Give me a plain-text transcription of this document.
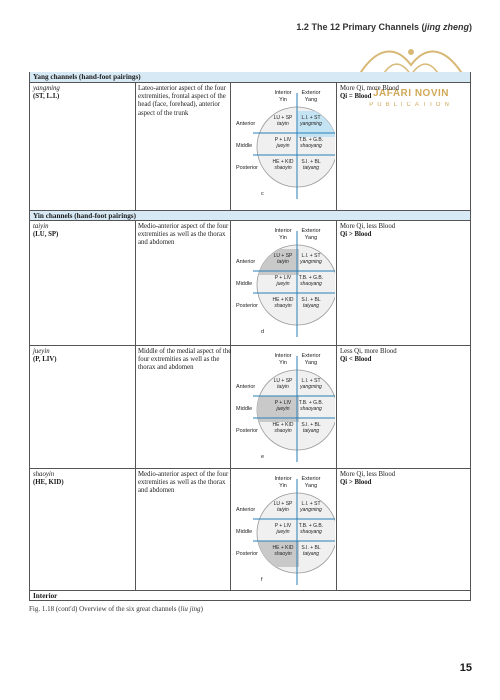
1.2 The 12 Primary Channels (jing zheng)
JAFARI NOVIN
PUBLICATION
Yang channels (hand-foot pairings)
yangming
(ST, L.I.)
Lateo-anterior aspect of the four extremities, frontal aspect of the head (face, forehead), anterior aspect of the trunk
Interior
Yin
Exterior
Yang
Anterior
Middle
Posterior
LU + SP
taiyin
L.I. + ST
yangming
P + LIV
jueyin
T.B. + G.B.
shaoyang
HE + KID
shaoyin
S.I. + BL
taiyang
c
More Qi, more Blood
Qi = Blood
Yin channels (hand-foot pairings)
taiyin
(LU, SP)
Medio-anterior aspect of the four extremities as well as the thorax and abdomen
Interior
Yin
Exterior
Yang
Anterior
Middle
Posterior
LU + SP
taiyin
L.I. + ST
yangming
P + LIV
jueyin
T.B. + G.B.
shaoyang
HE + KID
shaoyin
S.I. + BL
taiyang
d
More Qi, less Blood
Qi > Blood
jueyin
(P, LIV)
Middle of the medial aspect of the four extremities as well as the thorax and abdomen
Interior
Yin
Exterior
Yang
Anterior
Middle
Posterior
LU + SP
taiyin
L.I. + ST
yangming
P + LIV
jueyin
T.B. + G.B.
shaoyang
HE + KID
shaoyin
S.I. + BL
taiyang
e
Less Qi, more Blood
Qi < Blood
shaoyin
(HE, KID)
Medio-anterior aspect of the four extremities as well as the thorax and abdomen
Interior
Yin
Exterior
Yang
Anterior
Middle
Posterior
LU + SP
taiyin
L.I. + ST
yangming
P + LIV
jueyin
T.B. + G.B.
shaoyang
HE + KID
shaoyin
S.I. + BL
taiyang
f
More Qi, less Blood
Qi > Blood
Interior
Fig. 1.18 (cont'd) Overview of the six great channels (liu jing)
15
